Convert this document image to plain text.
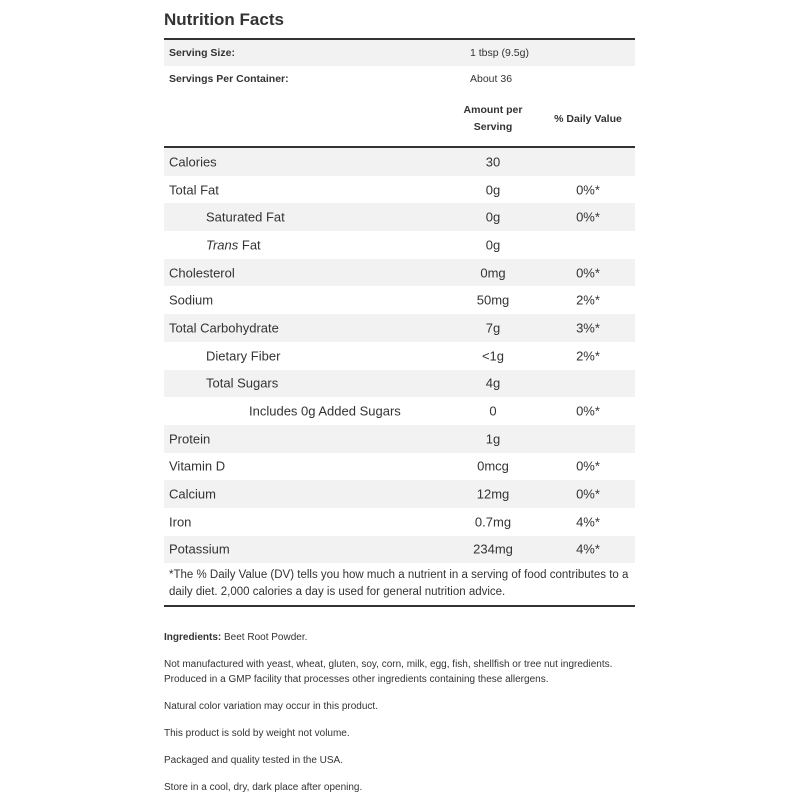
Nutrition Facts
Serving Size:	1 tbsp (9.5g)
Servings Per Container:	About 36
Amount per
Serving
% Daily Value
Calories	30
Total Fat	0g	0%*
Saturated Fat	0g	0%*
Trans Fat	0g
Cholesterol	0mg	0%*
Sodium	50mg	2%*
Total Carbohydrate	7g	3%*
Dietary Fiber	<1g	2%*
Total Sugars	4g
Includes 0g Added Sugars	0	0%*
Protein	1g
Vitamin D	0mcg	0%*
Calcium	12mg	0%*
Iron	0.7mg	4%*
Potassium	234mg	4%*
*The % Daily Value (DV) tells you how much a nutrient in a serving of food contributes to a daily diet. 2,000 calories a day is used for general nutrition advice.

Ingredients: Beet Root Powder.

Not manufactured with yeast, wheat, gluten, soy, corn, milk, egg, fish, shellfish or tree nut ingredients.
Produced in a GMP facility that processes other ingredients containing these allergens.

Natural color variation may occur in this product.

This product is sold by weight not volume.

Packaged and quality tested in the USA.

Store in a cool, dry, dark place after opening.
